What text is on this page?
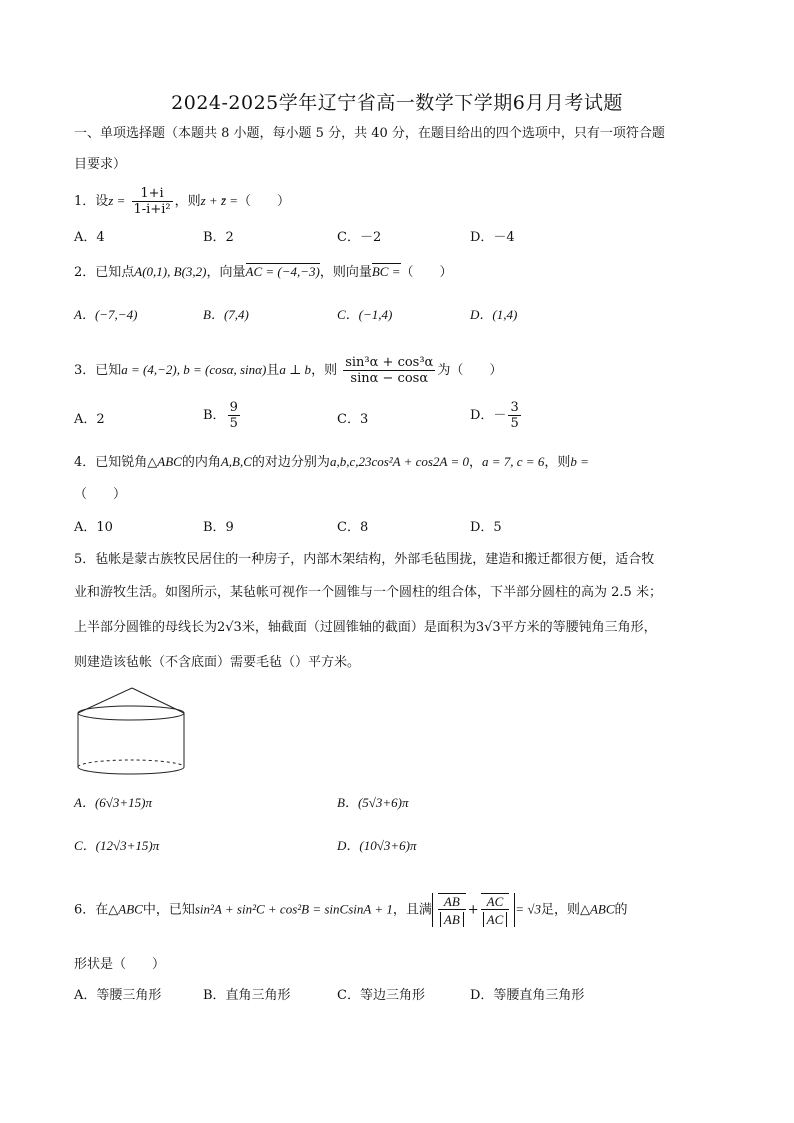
2024-2025学年辽宁省高一数学下学期6月月考试题
一、单项选择题（本题共 8 小题，每小题 5 分，共 40 分，在题目给出的四个选项中，只有一项符合题
目要求）
1．设$z = \frac{1+i}{\text{1-i+i²}}$ ，则z + z̄ =（　　）
A．4	B．2	C．－2	D．－4
2．已知点A(0,1), B(3,2)，向量AC = (−4,−3)，则向量BC =（　　）
A．(−7,−4)	B．(7,4)	C．(−1,4)	D．(1,4)
3．已知a = (4,−2), b = (cosα, sinα)且a ⊥ b，则 $\frac{\text{sin³α + cos³α}}{\sin\alpha - \cos\alpha}$ 为（　　）
A．2	B． $\frac{9}{5}$	C．3	D．－ $\frac{3}{5}$
4．已知锐角△ABC的内角A,B,C的对边分别为a,b,c,23cos²A + cos2A = 0，a = 7, c = 6，则b =
（　　）
A．10	B．9	C．8	D．5
5．毡帐是蒙古族牧民居住的一种房子，内部木架结构，外部毛毡围拢，建造和搬迁都很方便，适合牧
业和游牧生活。如图所示，某毡帐可视作一个圆锥与一个圆柱的组合体，下半部分圆柱的高为 2.5 米；
上半部分圆锥的母线长为2√3米，轴截面（过圆锥轴的截面）是面积为3√3平方米的等腰钝角三角形，
则建造该毡帐（不含底面）需要毛毡（）平方米。
A．(6√3+15)π	B．(5√3+6)π
C．(12√3+15)π	D．(10√3+6)π
6．在△ABC中，已知sin²A + sin²C + cos²B = sinCsinA + 1，且满 $\frac{AB}{AB} + \frac{AC}{AC} = √3$足，则△ABC的
形状是（　　）
A．等腰三角形	B．直角三角形	C．等边三角形	D．等腰直角三角形
